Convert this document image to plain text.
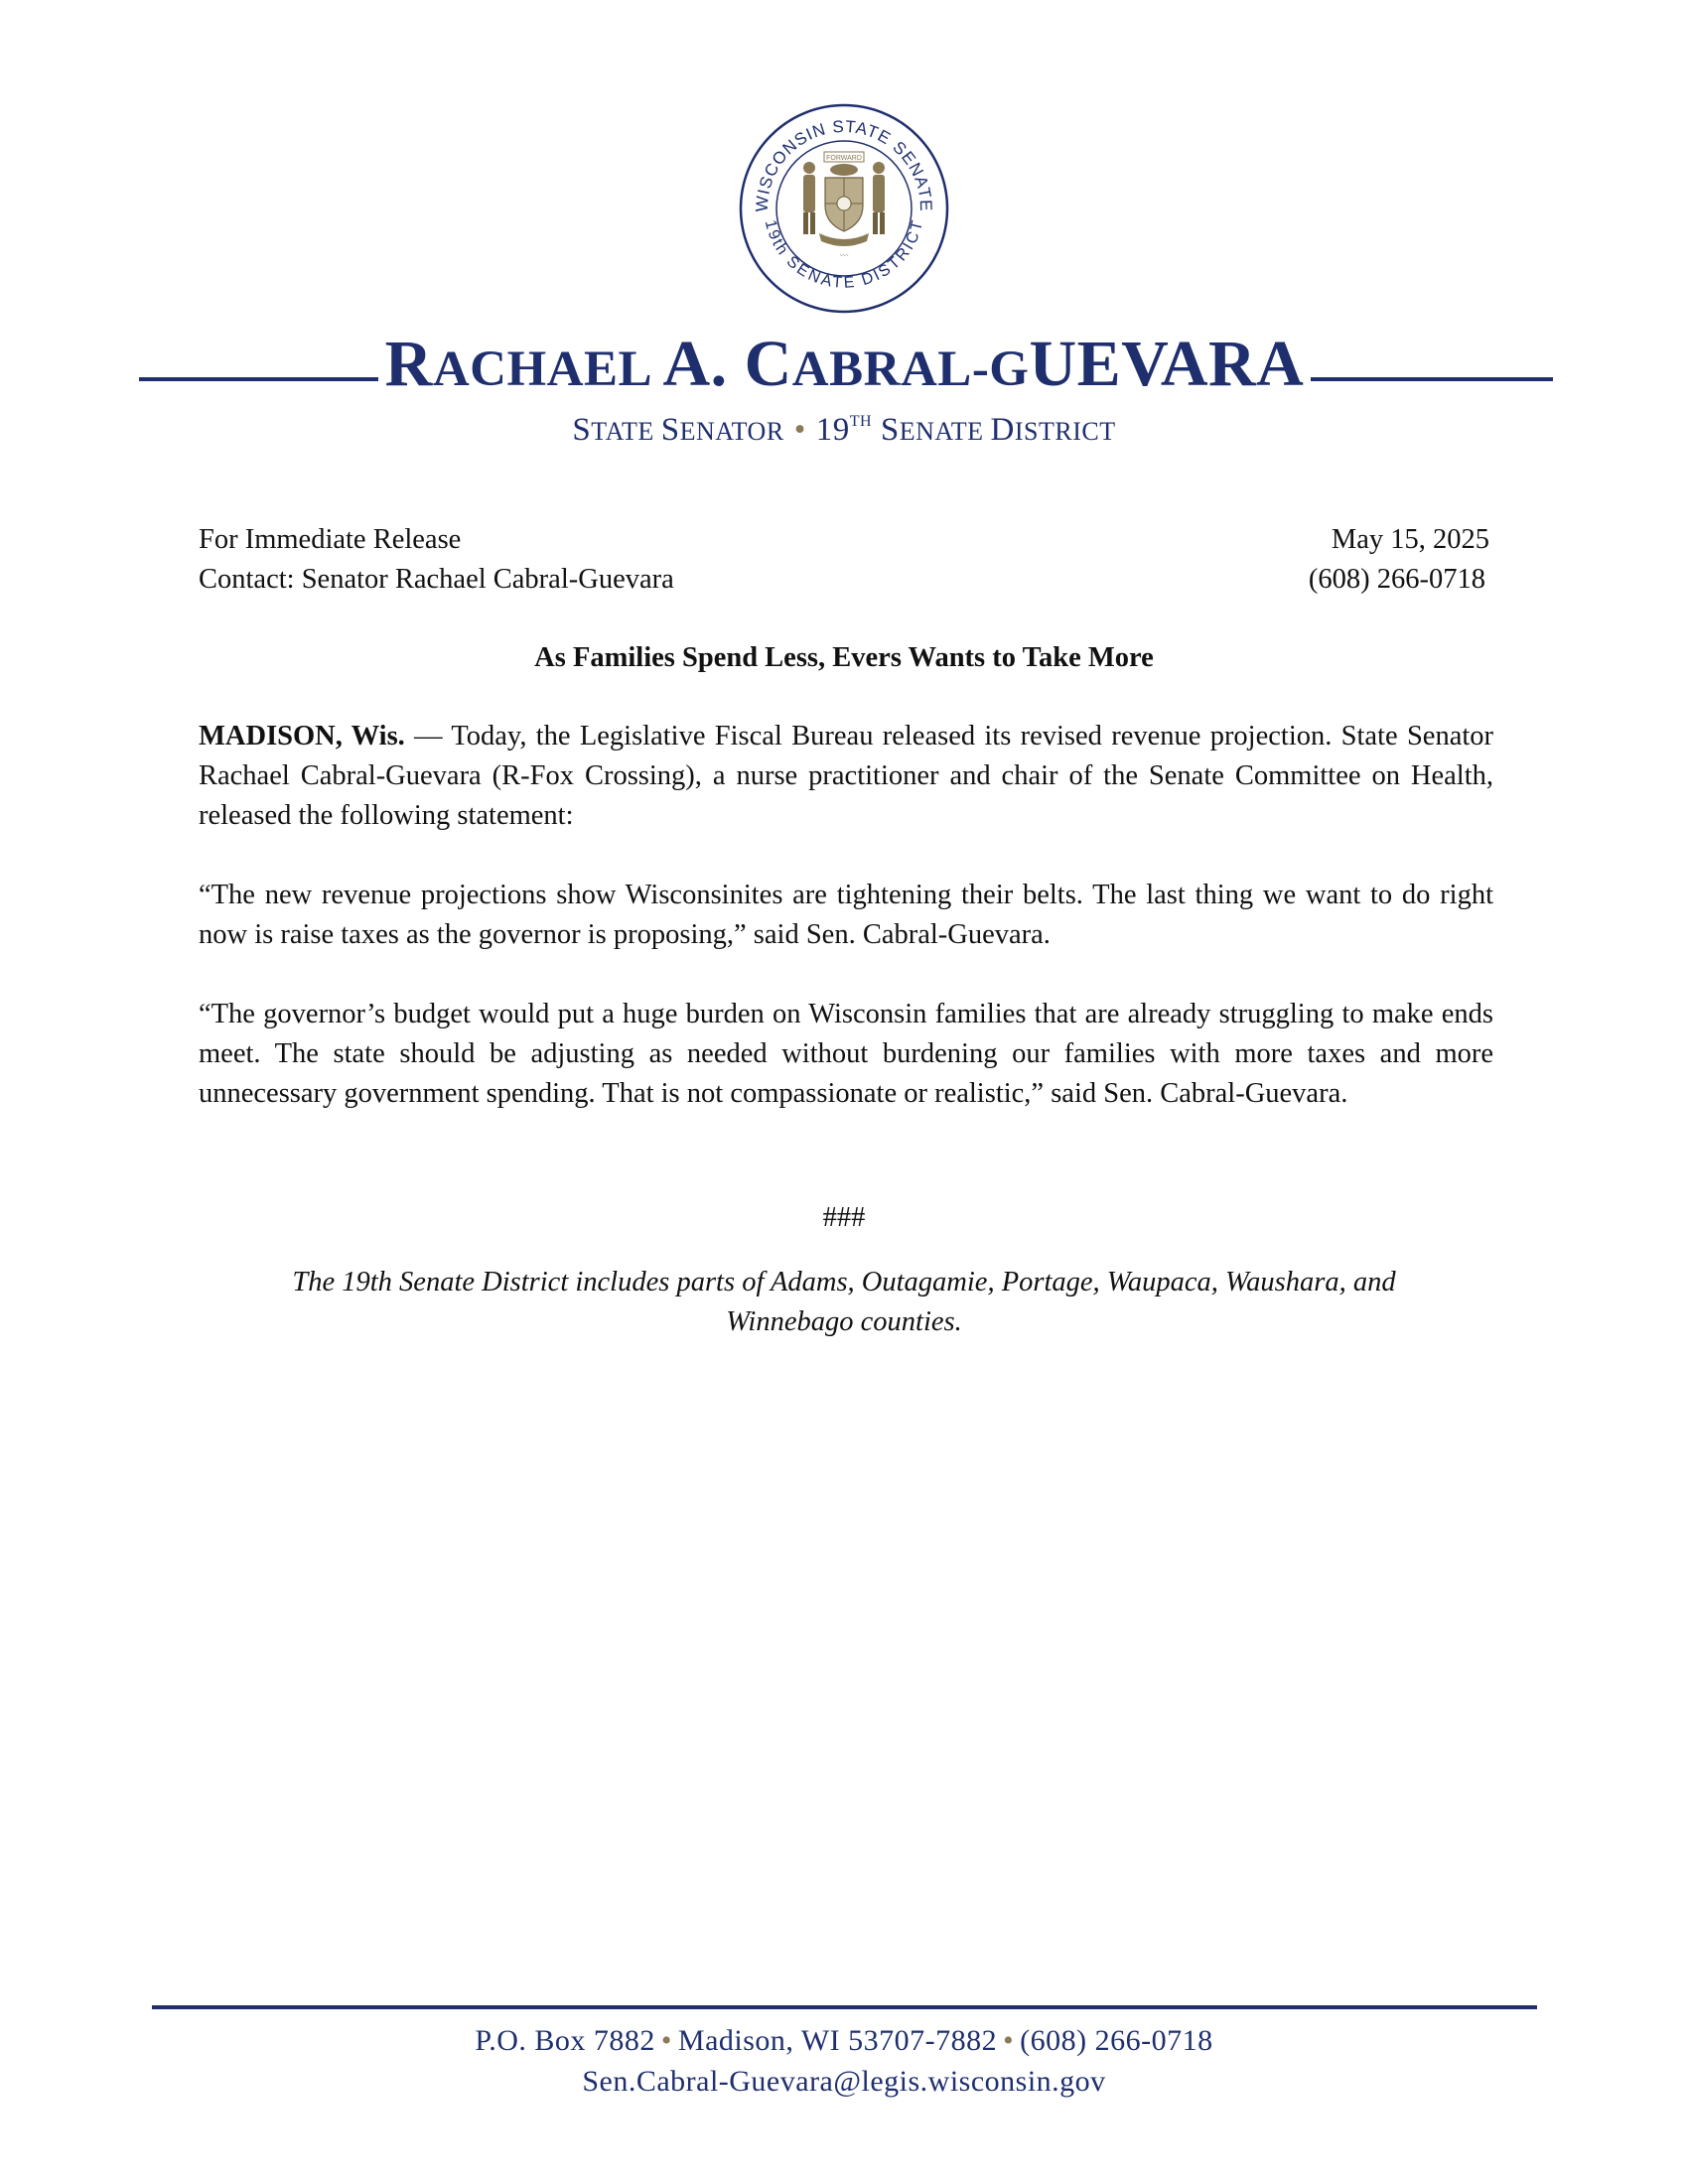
WISCONSIN STATE SENATE
19th SENATE DISTRICT
FORWARD
~~~
RACHAEL A. CABRAL-GUEVARA
STATE SENATOR • 19TH SENATE DISTRICT
For Immediate Release	May 15, 2025
Contact: Senator Rachael Cabral-Guevara	(608) 266-0718
As Families Spend Less, Evers Wants to Take More
MADISON, Wis. — Today, the Legislative Fiscal Bureau released its revised revenue projection. State Senator Rachael Cabral-Guevara (R-Fox Crossing), a nurse practitioner and chair of the Senate Committee on Health, released the following statement:
“The new revenue projections show Wisconsinites are tightening their belts. The last thing we want to do right now is raise taxes as the governor is proposing,” said Sen. Cabral-Guevara.
“The governor’s budget would put a huge burden on Wisconsin families that are already struggling to make ends meet. The state should be adjusting as needed without burdening our families with more taxes and more unnecessary government spending. That is not compassionate or realistic,” said Sen. Cabral-Guevara.
###
The 19th Senate District includes parts of Adams, Outagamie, Portage, Waupaca, Waushara, and
Winnebago counties.
P.O. Box 7882 • Madison, WI 53707-7882 • (608) 266-0718
Sen.Cabral-Guevara@legis.wisconsin.gov
